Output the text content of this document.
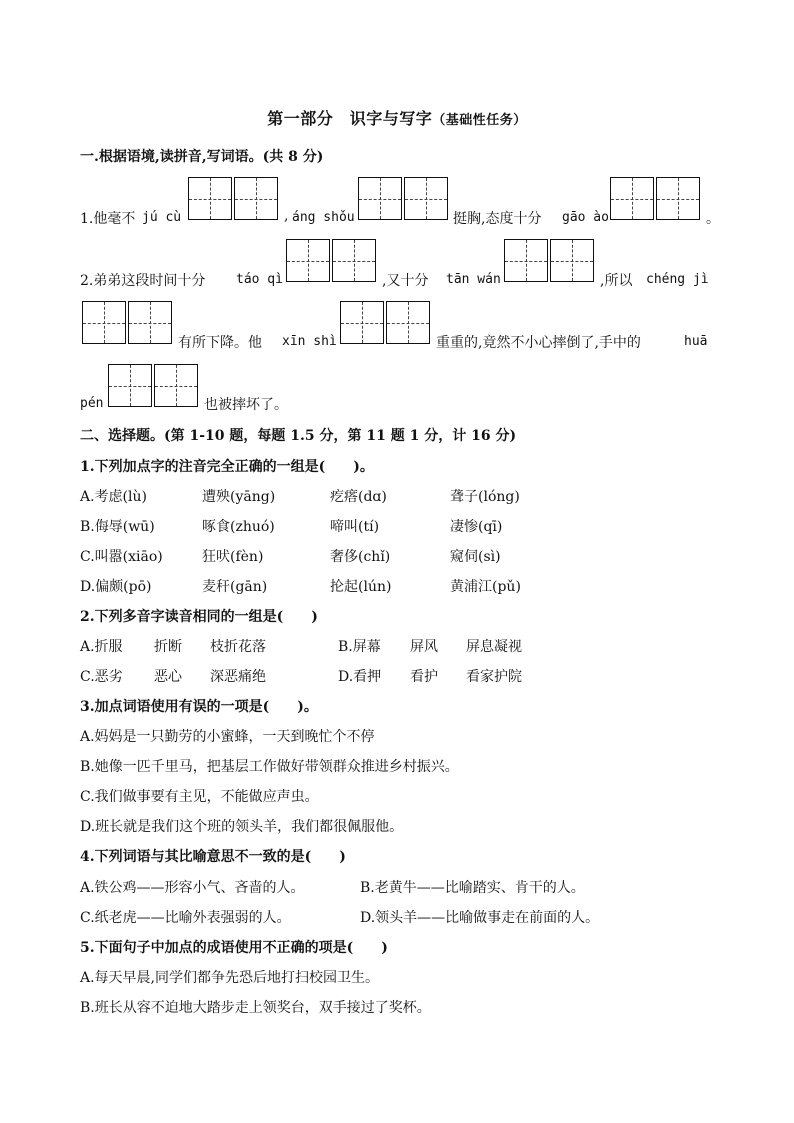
第一部分　识字与写字（基础性任务）
一.根据语境,读拼音,写词语。(共 8 分)
1.他毫不 jú cù	, áng shǒu	挺胸,态度十分 gāo ào	。
2.弟弟这段时间十分 táo qì	,又十分 tān wán	,所以 chéng jì
有所下降。他 xīn shì	重重的,竟然不小心摔倒了,手中的	huā
pén	也被摔坏了。
二、选择题。(第 1-10 题，每题 1.5 分，第 11 题 1 分，计 16 分)
1.下列加点字的注音完全正确的一组是(　　)。
A.考虑(lù)	遭殃(yāng)	疙瘩(dɑ)	聋子(lóng)
B.侮辱(wū)	啄食(zhuó)	啼叫(tí)	凄惨(qī)
C.叫嚣(xiāo)	狂吠(fèn)	奢侈(chǐ)	窥伺(sì)
D.偏颇(pō)	麦秆(gān)	抡起(lún)	黄浦江(pǔ)
2.下列多音字读音相同的一组是(　　)
A.折服 折断 枝折花落	B.屏幕 屏风 屏息凝视
C.恶劣 恶心 深恶痛绝	D.看押 看护 看家护院
3.加点词语使用有误的一项是(　　)。
A.妈妈是一只勤劳的小蜜蜂，一天到晚忙个不停
B.她像一匹千里马，把基层工作做好带领群众推进乡村振兴。
C.我们做事要有主见，不能做应声虫。
D.班长就是我们这个班的领头羊，我们都很佩服他。
4.下列词语与其比喻意思不一致的是(　　)
A.铁公鸡——形容小气、吝啬的人。	B.老黄牛——比喻踏实、肯干的人。
C.纸老虎——比喻外表强弱的人。	D.领头羊——比喻做事走在前面的人。
5.下面句子中加点的成语使用不正确的项是(　　)
A.每天早晨,同学们都争先恐后地打扫校园卫生。
B.班长从容不迫地大踏步走上领奖台，双手接过了奖杯。
